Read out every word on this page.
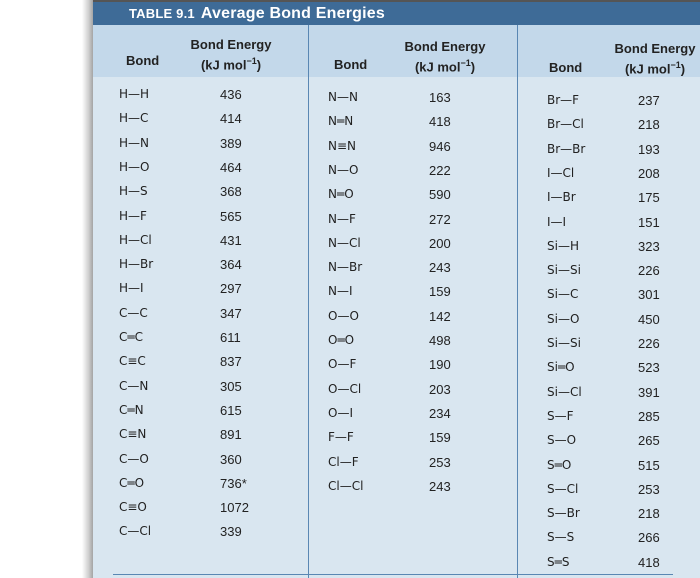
TABLE 9.1 Average Bond Energies
Bond
Bond Energy
(kJ mol$^{-1}$)
H—H	436
H—C	414
H—N	389
H—O	464
H—S	368
H—F	565
H—Cl	431
H—Br	364
H—I	297
C—C	347
C═C	611
C≡C	837
C—N	305
C═N	615
C≡N	891
C—O	360
C═O	736*
C≡O	1072
C—Cl	339
Bond
Bond Energy
(kJ mol$^{-1}$)
N—N	163
N═N	418
N≡N	946
N—O	222
N═O	590
N—F	272
N—Cl	200
N—Br	243
N—I	159
O—O	142
O═O	498
O—F	190
O—Cl	203
O—I	234
F—F	159
Cl—F	253
Cl—Cl	243
Bond
Bond Energy
(kJ mol$^{-1}$)
Br—F	237
Br—Cl	218
Br—Br	193
I—Cl	208
I—Br	175
I—I	151
Si—H	323
Si—Si	226
Si—C	301
Si—O	450
Si—Si	226
Si═O	523
Si—Cl	391
S—F	285
S—O	265
S═O	515
S—Cl	253
S—Br	218
S—S	266
S═S	418
